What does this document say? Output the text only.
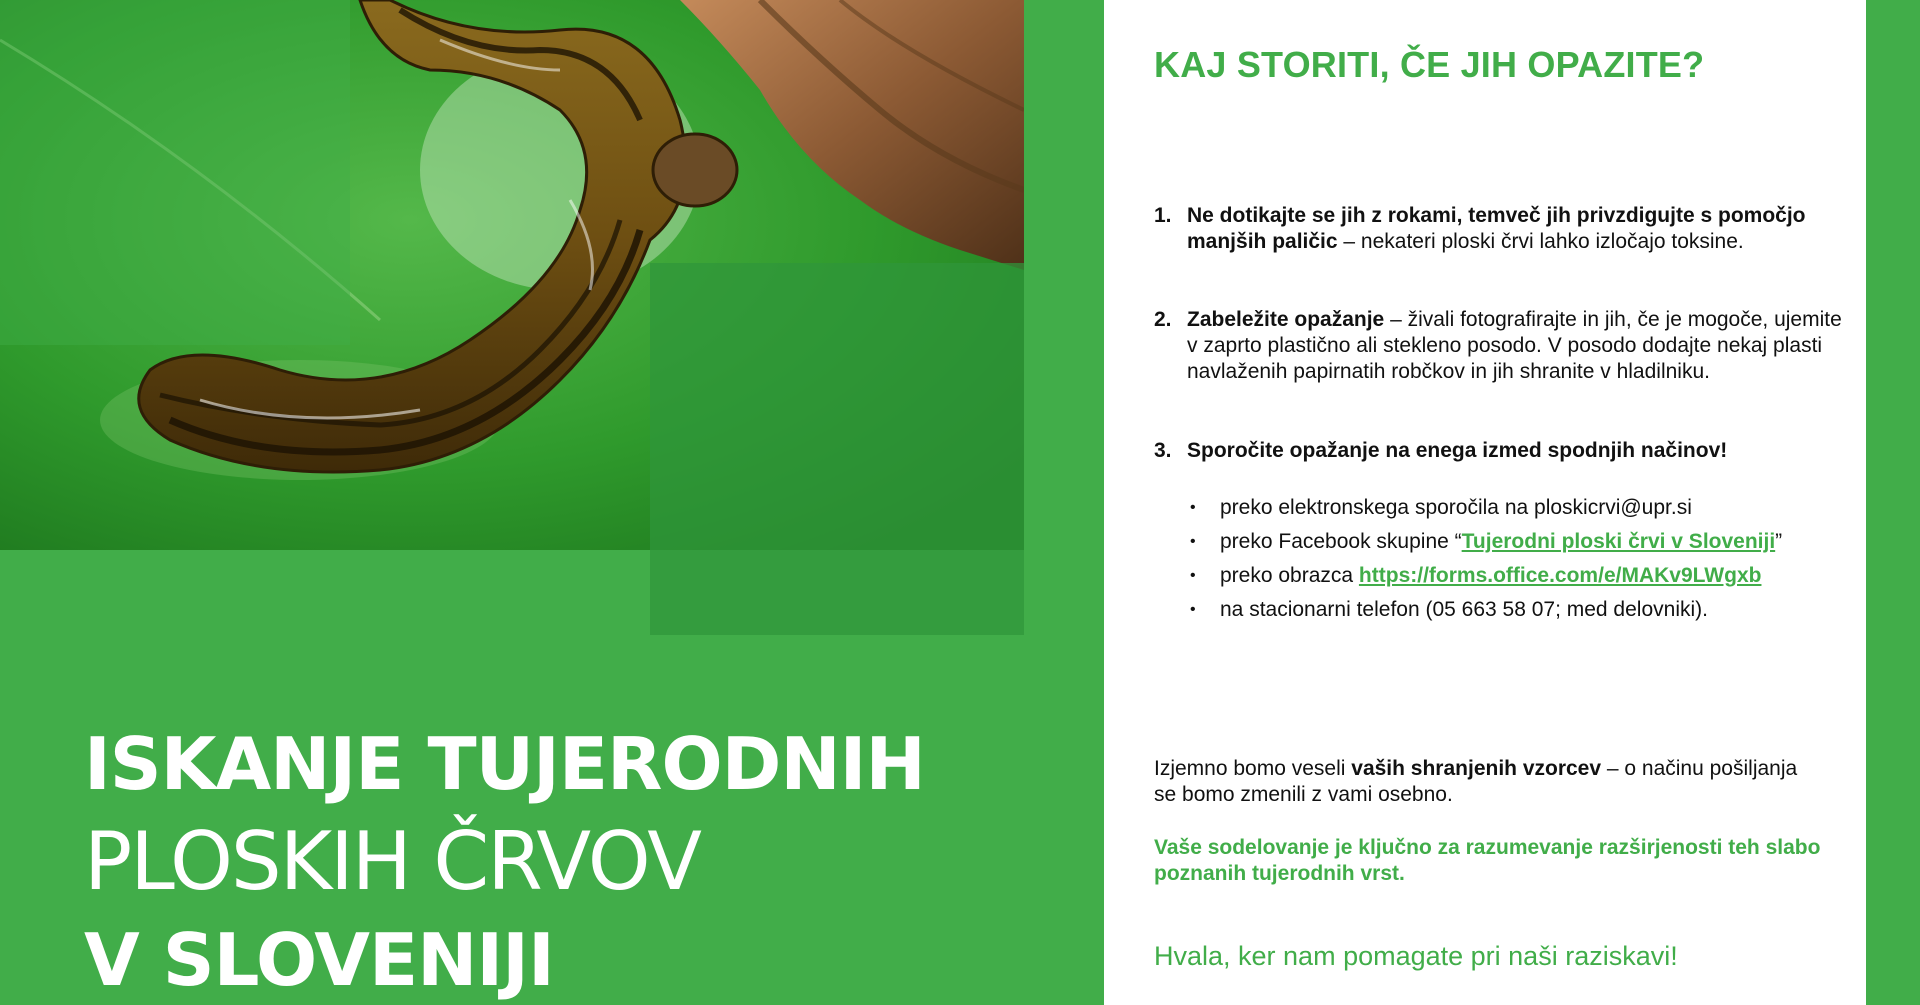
ISKANJE TUJERODNIH
PLOSKIH ČRVOV
V SLOVENIJI
KAJ STORITI, ČE JIH OPAZITE?
1. Ne dotikajte se jih z rokami, temveč jih privzdigujte s pomočjo manjših paličic – nekateri ploski črvi lahko izločajo toksine.
2. Zabeležite opažanje – živali fotografirajte in jih, če je mogoče, ujemite v zaprto plastično ali stekleno posodo. V posodo dodajte nekaj plasti navlaženih papirnatih robčkov in jih shranite v hladilniku.
3. Sporočite opažanje na enega izmed spodnjih načinov!
• preko elektronskega sporočila na ploskicrvi@upr.si
• preko Facebook skupine “Tujerodni ploski črvi v Sloveniji”
• preko obrazca https://forms.office.com/e/MAKv9LWgxb
• na stacionarni telefon (05 663 58 07; med delovniki).

Izjemno bomo veseli vaših shranjenih vzorcev – o načinu pošiljanja se bomo zmenili z vami osebno.

Vaše sodelovanje je ključno za razumevanje razširjenosti teh slabo poznanih tujerodnih vrst.

Hvala, ker nam pomagate pri naši raziskavi!
